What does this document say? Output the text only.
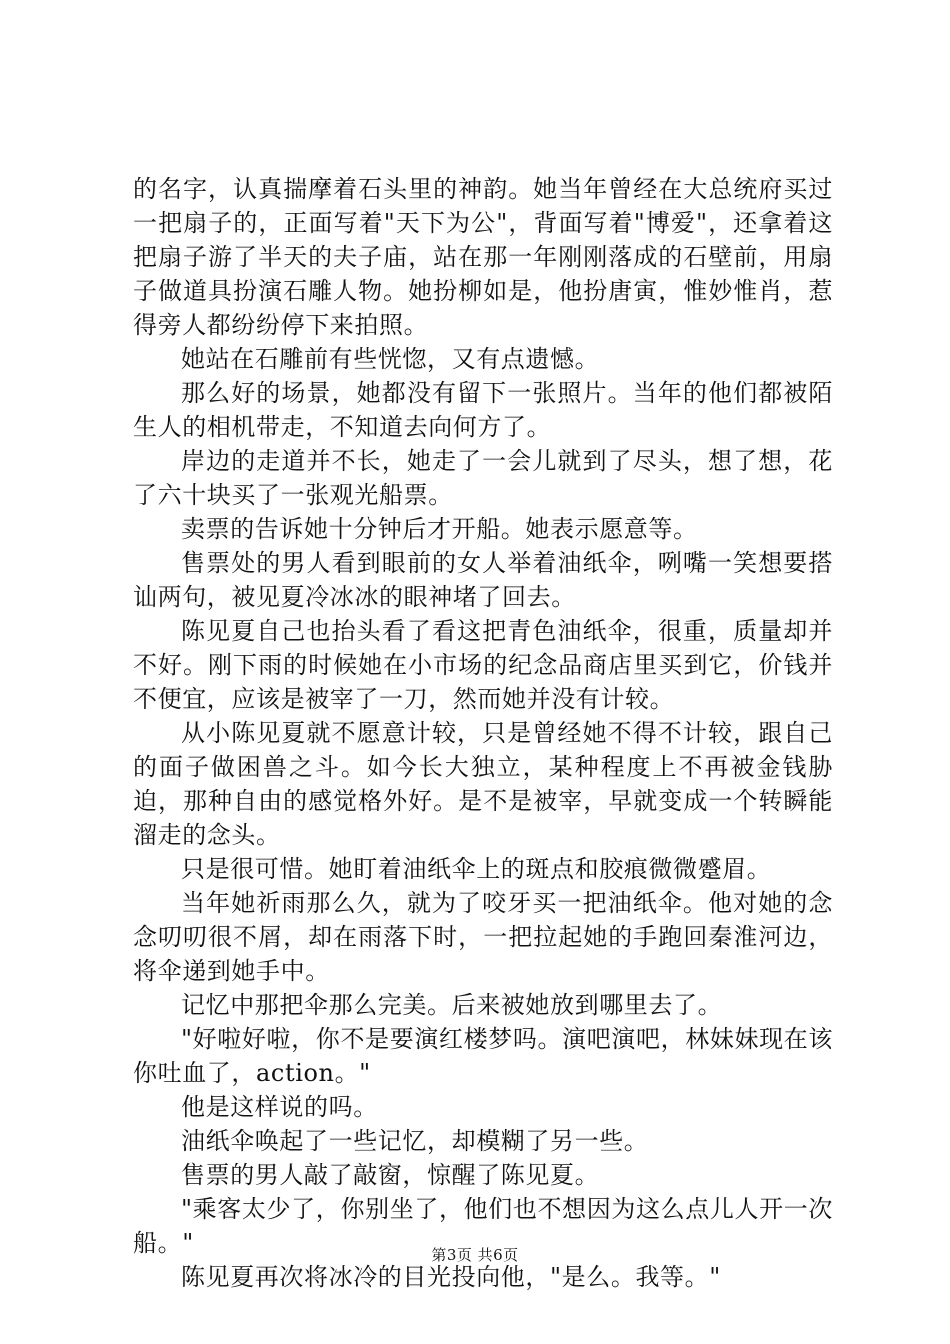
的名字，认真揣摩着石头里的神韵。她当年曾经在大总统府买过一把扇子的，正面写着"天下为公"，背面写着"博爱"，还拿着这把扇子游了半天的夫子庙，站在那一年刚刚落成的石壁前，用扇子做道具扮演石雕人物。她扮柳如是，他扮唐寅，惟妙惟肖，惹得旁人都纷纷停下来拍照。

她站在石雕前有些恍惚，又有点遗憾。

那么好的场景，她都没有留下一张照片。当年的他们都被陌生人的相机带走，不知道去向何方了。

岸边的走道并不长，她走了一会儿就到了尽头，想了想，花了六十块买了一张观光船票。

卖票的告诉她十分钟后才开船。她表示愿意等。

售票处的男人看到眼前的女人举着油纸伞，咧嘴一笑想要搭讪两句，被见夏冷冰冰的眼神堵了回去。

陈见夏自己也抬头看了看这把青色油纸伞，很重，质量却并不好。刚下雨的时候她在小市场的纪念品商店里买到它，价钱并不便宜，应该是被宰了一刀，然而她并没有计较。

从小陈见夏就不愿意计较，只是曾经她不得不计较，跟自己的面子做困兽之斗。如今长大独立，某种程度上不再被金钱胁迫，那种自由的感觉格外好。是不是被宰，早就变成一个转瞬能溜走的念头。

只是很可惜。她盯着油纸伞上的斑点和胶痕微微蹙眉。

当年她祈雨那么久，就为了咬牙买一把油纸伞。他对她的念念叨叨很不屑，却在雨落下时，一把拉起她的手跑回秦淮河边，将伞递到她手中。

记忆中那把伞那么完美。后来被她放到哪里去了。

"好啦好啦，你不是要演红楼梦吗。演吧演吧，林妹妹现在该你吐血了，action。"

他是这样说的吗。

油纸伞唤起了一些记忆，却模糊了另一些。

售票的男人敲了敲窗，惊醒了陈见夏。

"乘客太少了，你别坐了，他们也不想因为这么点儿人开一次船。"

陈见夏再次将冰冷的目光投向他，"是么。我等。"

第3页 共6页
